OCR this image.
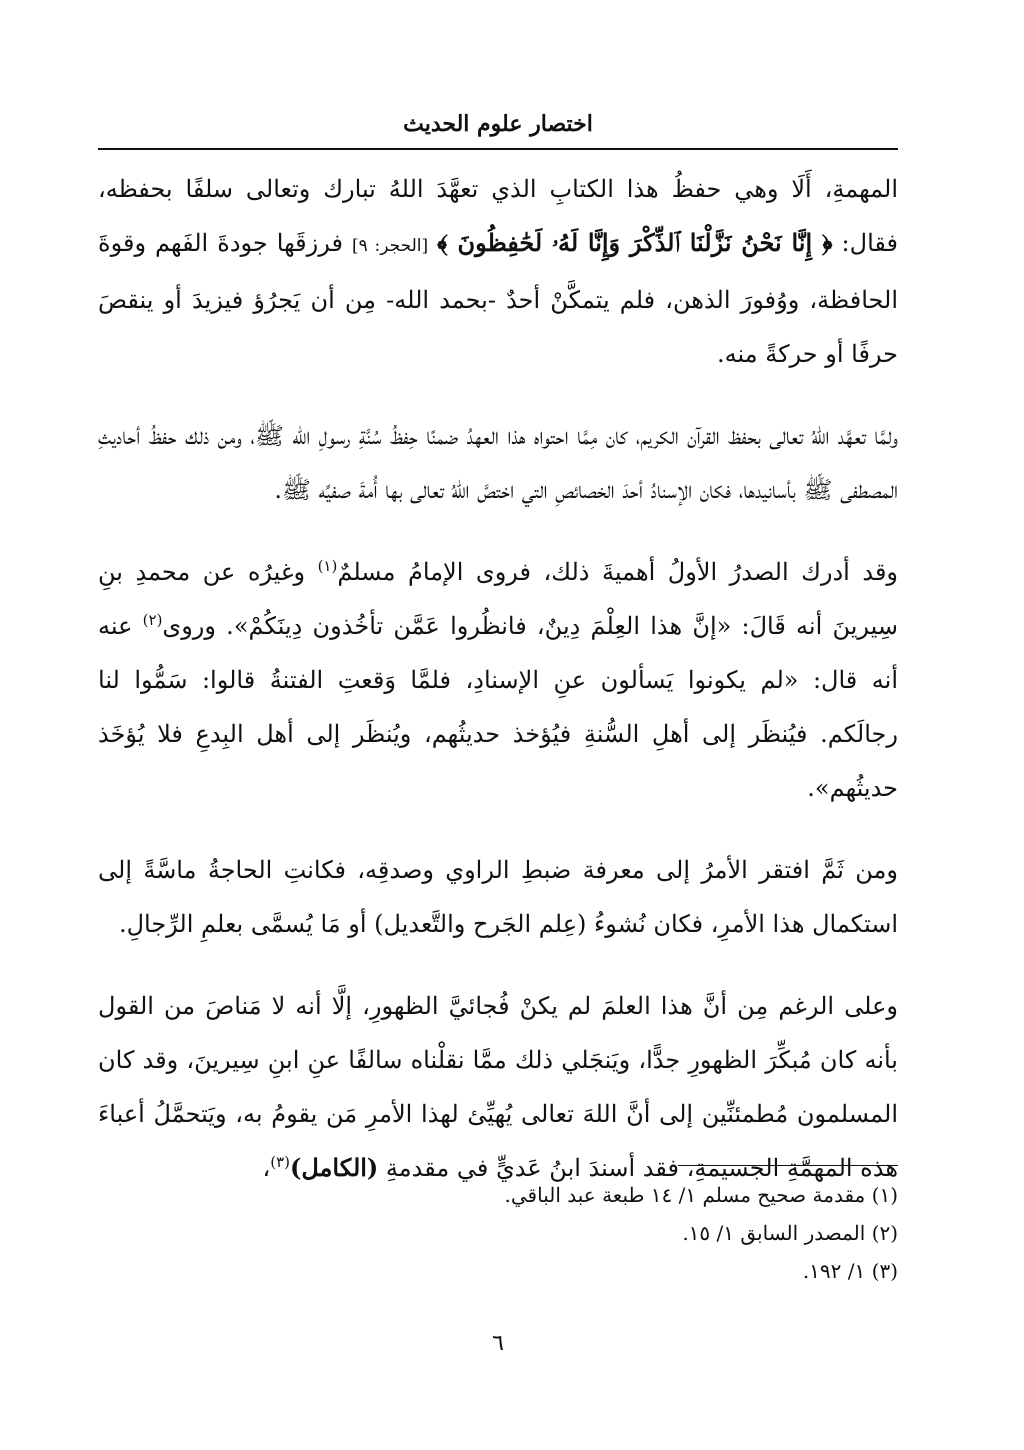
اختصار علوم الحديث

المهمةِ، أَلَا وهي حفظُ هذا الكتابِ الذي تعهَّدَ اللهُ تبارك وتعالى سلفًا بحفظه، فقال: ﴿ إِنَّا نَحْنُ نَزَّلْنَا ٱلذِّكْرَ وَإِنَّا لَهُۥ لَحَٰفِظُونَ ﴾ [الحجر: ٩] فرزقَها جودةَ الفَهم وقوةَ الحافظة، ووُفورَ الذهن، فلم يتمكَّنْ أحدٌ -بحمد الله- مِن أن يَجرُؤ فيزيدَ أو ينقصَ حرفًا أو حركةً منه.

ولمَّا تعهَّد اللهُ تعالى بحفظ القرآن الكريم، كان مِمَّا احتواه هذا العهدُ ضمنًا حِفظُ سُنَّةِ رسولِ الله ﷺ، ومن ذلك حفظُ أحاديثِ المصطفى ﷺ بأسانيدها، فكان الإسنادُ أحدَ الخصائصِ التي اختصَّ اللهُ تعالى بها أُمةَ صفيِّه ﷺ.

وقد أدرك الصدرُ الأولُ أهميةَ ذلك، فروى الإمامُ مسلمٌ$^{(١)}$ وغيرُه عن محمدِ بنِ سِيرينَ أنه قَالَ: «إنَّ هذا العِلْمَ دِينٌ، فانظُروا عَمَّن تأخُذون دِينَكُمْ». وروى$^{(٢)}$ عنه أنه قال: «لم يكونوا يَسألون عنِ الإسنادِ، فلمَّا وَقعتِ الفتنةُ قالوا: سَمُّوا لنا رجالَكم. فيُنظَر إلى أهلِ السُّنةِ فيُؤخذ حديثُهم، ويُنظَر إلى أهل البِدعِ فلا يُؤخَذ حديثُهم».

ومن ثَمَّ افتقر الأمرُ إلى معرفة ضبطِ الراوي وصدقِه، فكانتِ الحاجةُ ماسَّةً إلى استكمال هذا الأمرِ، فكان نُشوءُ (عِلم الجَرح والتَّعديل) أو مَا يُسمَّى بعلمِ الرِّجالِ.

وعلى الرغم مِن أنَّ هذا العلمَ لم يكنْ فُجائيَّ الظهورِ، إلَّا أنه لا مَناصَ من القول بأنه كان مُبكِّرَ الظهورِ جدًّا، ويَنجَلي ذلك ممَّا نقلْناه سالفًا عنِ ابنِ سِيرينَ، وقد كان المسلمون مُطمئنِّين إلى أنَّ اللهَ تعالى يُهيِّئ لهذا الأمرِ مَن يقومُ به، ويَتحمَّلُ أعباءَ هذه المهمَّةِ الجسيمةِ، فقد أسندَ ابنُ عَديٍّ في مقدمةِ (الكامل)$^{(٣)}$،

(١) مقدمة صحيح مسلم ١/ ١٤ طبعة عبد الباقي.
(٢) المصدر السابق ١/ ١٥.
(٣) ١/ ١٩٢.
٦
